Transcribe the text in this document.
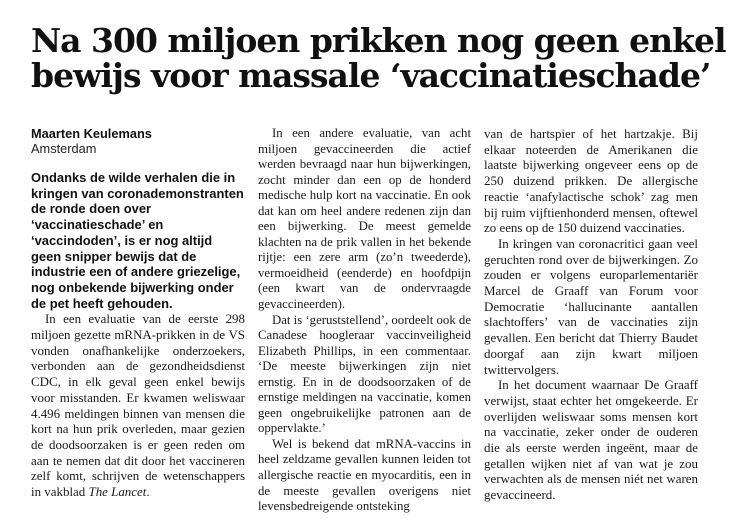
Na 300 miljoen prikken nog geen enkel
bewijs voor massale ‘vaccinatieschade’
Maarten Keulemans
Amsterdam

Ondanks de wilde verhalen die in kringen van coronademonstranten de ronde doen over ‘vaccinatieschade’ en ‘vaccindoden’, is er nog altijd geen snipper bewijs dat de industrie een of andere griezelige, nog onbekende bijwerking onder de pet heeft gehouden.

In een evaluatie van de eerste 298 miljoen gezette mRNA-prikken in de VS vonden onafhankelijke onderzoekers, verbonden aan de gezondheidsdienst CDC, in elk geval geen enkel bewijs voor misstanden. Er kwamen weliswaar 4.496 meldingen binnen van mensen die kort na hun prik overleden, maar gezien de doodsoorzaken is er geen reden om aan te nemen dat dit door het vaccineren zelf komt, schrijven de wetenschappers in vakblad The Lancet.

In een andere evaluatie, van acht miljoen gevaccineerden die actief werden bevraagd naar hun bijwerkingen, zocht minder dan een op de honderd medische hulp kort na vaccinatie. En ook dat kan om heel andere redenen zijn dan een bijwerking. De meest gemelde klachten na de prik vallen in het bekende rijtje: een zere arm (zo’n tweederde), vermoeidheid (eenderde) en hoofdpijn (een kwart van de ondervraagde gevaccineerden).

Dat is ‘geruststellend’, oordeelt ook de Canadese hoogleraar vaccinveiligheid Elizabeth Phillips, in een commentaar. ‘De meeste bijwerkingen zijn niet ernstig. En in de doodsoorzaken of de ernstige meldingen na vaccinatie, komen geen ongebruikelijke patronen aan de oppervlakte.’

Wel is bekend dat mRNA-vaccins in heel zeldzame gevallen kunnen leiden tot allergische reactie en myocarditis, een in de meeste gevallen overigens niet levensbedreigende ontsteking

van de hartspier of het hartzakje. Bij elkaar noteerden de Amerikanen die laatste bijwerking ongeveer eens op de 250 duizend prikken. De allergische reactie ‘anafylactische schok’ zag men bij ruim vijftienhonderd mensen, oftewel zo eens op de 150 duizend vaccinaties.

In kringen van coronacritici gaan veel geruchten rond over de bijwerkingen. Zo zouden er volgens europarlementariër Marcel de Graaff van Forum voor Democratie ‘hallucinante aantallen slachtoffers’ van de vaccinaties zijn gevallen. Een bericht dat Thierry Baudet doorgaf aan zijn kwart miljoen twittervolgers.

In het document waarnaar De Graaff verwijst, staat echter het omgekeerde. Er overlijden weliswaar soms mensen kort na vaccinatie, zeker onder de ouderen die als eerste werden ingeënt, maar de getallen wijken niet af van wat je zou verwachten als de mensen niét net waren gevaccineerd.
